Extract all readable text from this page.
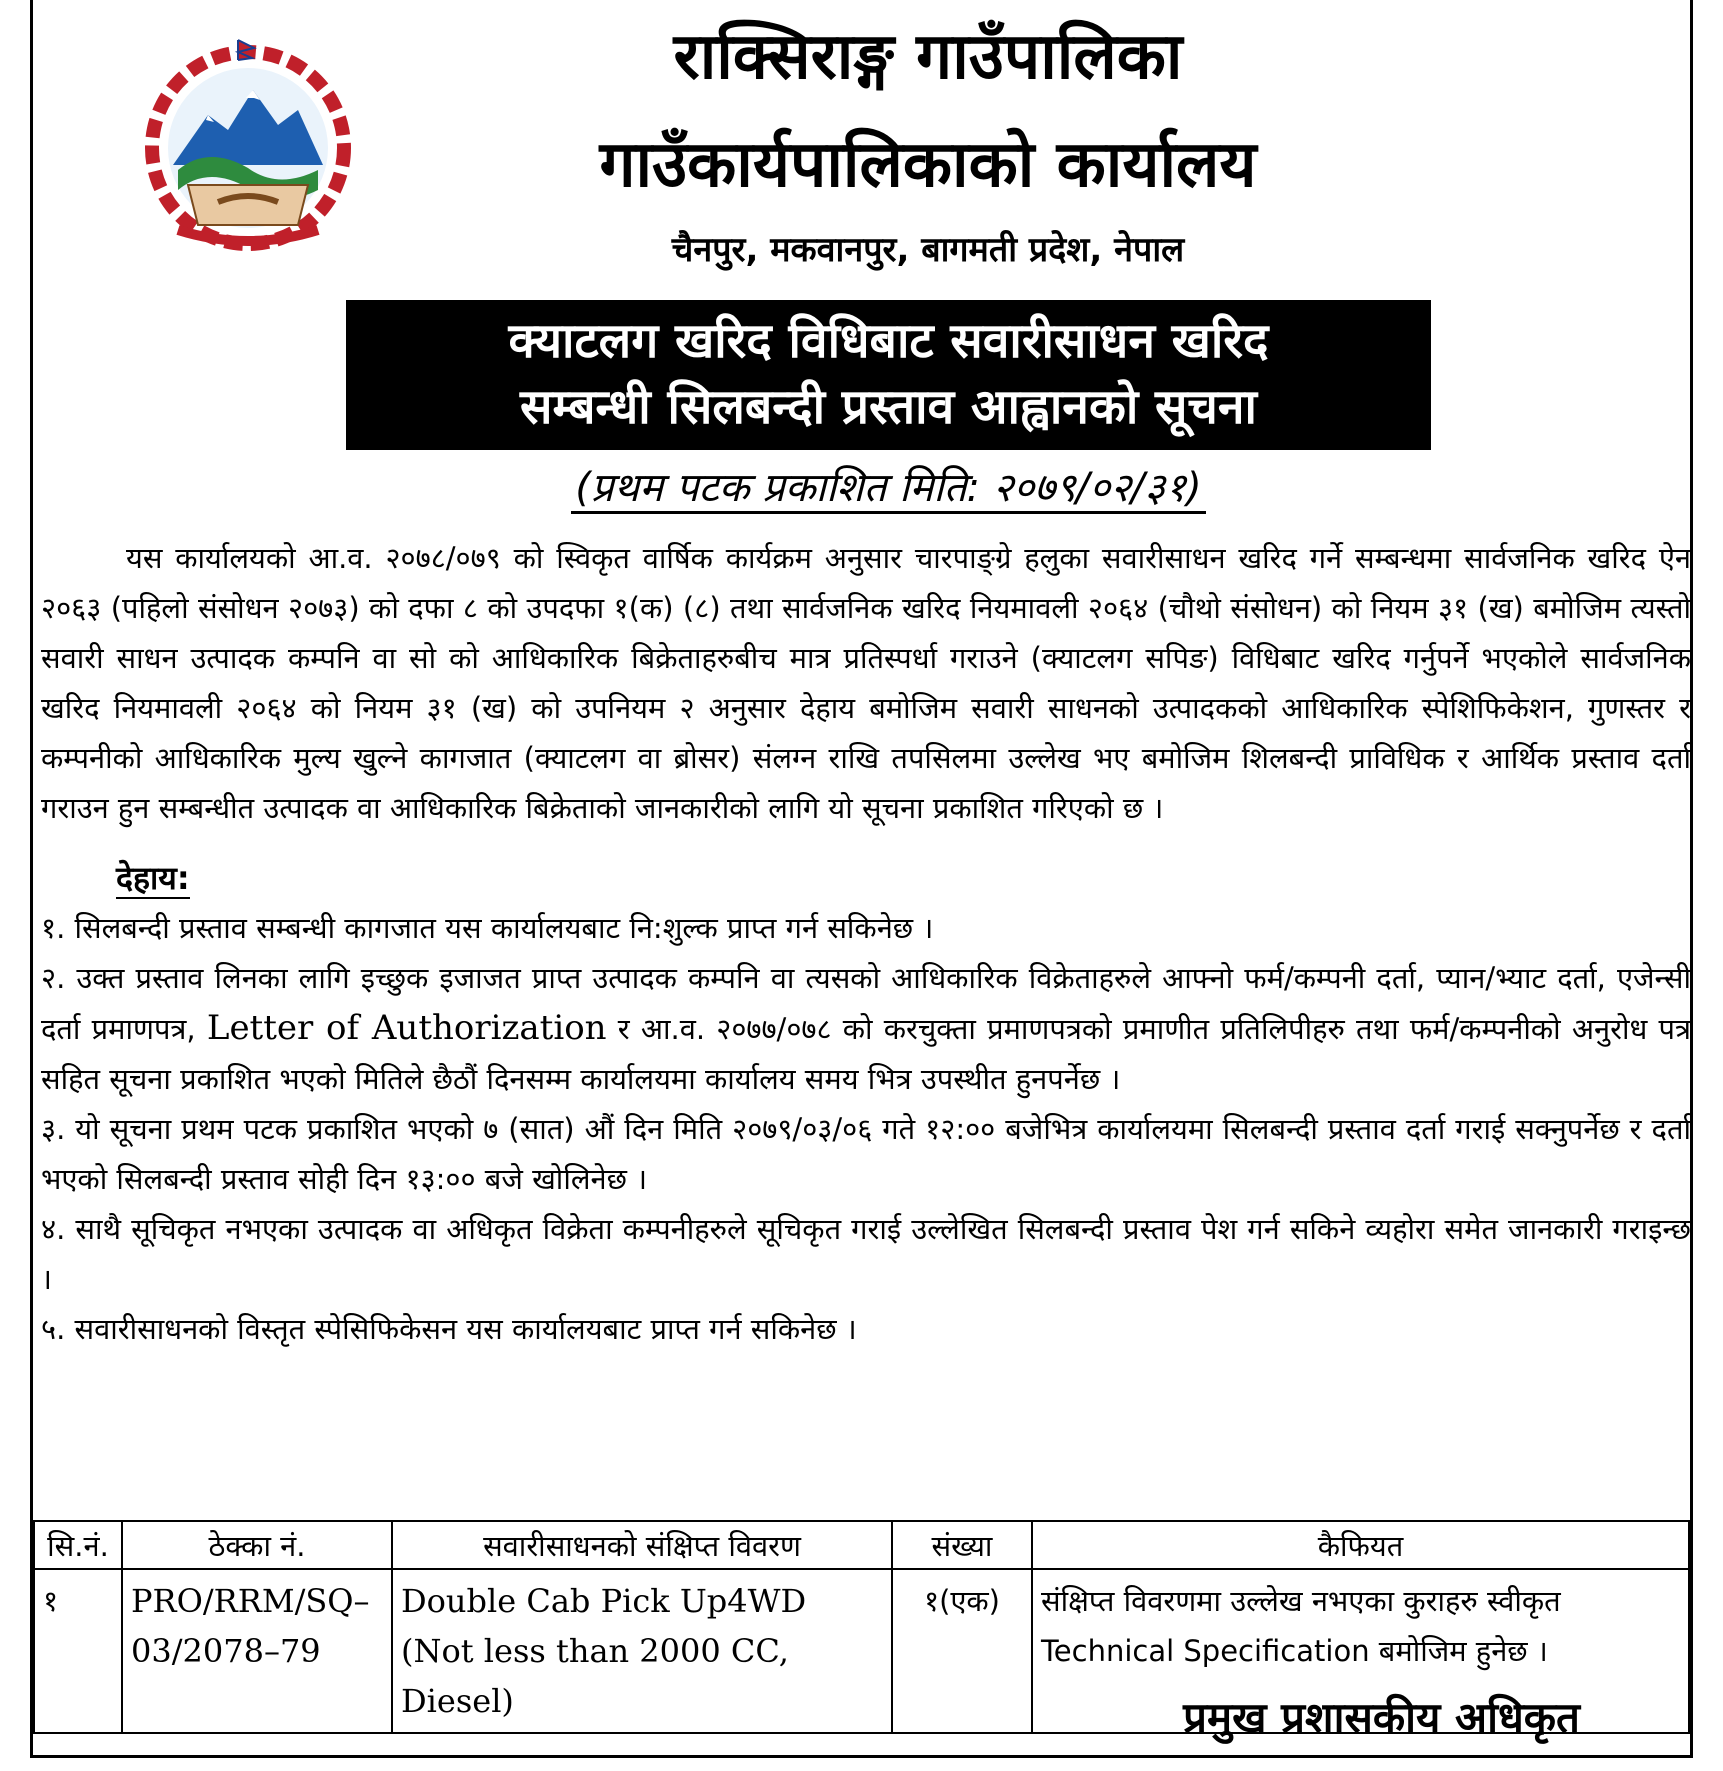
राक्सिराङ्ग गाउँपालिका
गाउँकार्यपालिकाको कार्यालय
चैनपुर, मकवानपुर, बागमती प्रदेश, नेपाल
क्याटलग खरिद विधिबाट सवारीसाधन खरिद
सम्बन्धी सिलबन्दी प्रस्ताव आह्वानको सूचना
(प्रथम पटक प्रकाशित मिति: २०७९/०२/३१)

यस कार्यालयको आ.व. २०७८/०७९ को स्विकृत वार्षिक कार्यक्रम अनुसार चारपाङ्ग्रे हलुका सवारीसाधन खरिद गर्ने सम्बन्धमा सार्वजनिक खरिद ऐन २०६३ (पहिलो संसोधन २०७३) को दफा ८ को उपदफा १(क) (८) तथा सार्वजनिक खरिद नियमावली २०६४ (चौथो संसोधन) को नियम ३१ (ख) बमोजिम त्यस्तो सवारी साधन उत्पादक कम्पनि वा सो को आधिकारिक बिक्रेताहरुबीच मात्र प्रतिस्पर्धा गराउने (क्याटलग सपिङ) विधिबाट खरिद गर्नुपर्ने भएकोले सार्वजनिक खरिद नियमावली २०६४ को नियम ३१ (ख) को उपनियम २ अनुसार देहाय बमोजिम सवारी साधनको उत्पादकको आधिकारिक स्पेशिफिकेशन, गुणस्तर र कम्पनीको आधिकारिक मुल्य खुल्ने कागजात (क्याटलग वा ब्रोसर) संलग्न राखि तपसिलमा उल्लेख भए बमोजिम शिलबन्दी प्राविधिक र आर्थिक प्रस्ताव दर्ता गराउन हुन सम्बन्धीत उत्पादक वा आधिकारिक बिक्रेताको जानकारीको लागि यो सूचना प्रकाशित गरिएको छ ।

देहाय:

१. सिलबन्दी प्रस्ताव सम्बन्धी कागजात यस कार्यालयबाट नि:शुल्क प्राप्त गर्न सकिनेछ ।

२. उक्त प्रस्ताव लिनका लागि इच्छुक इजाजत प्राप्त उत्पादक कम्पनि वा त्यसको आधिकारिक विक्रेताहरुले आफ्नो फर्म/कम्पनी दर्ता, प्यान/भ्याट दर्ता, एजेन्सी दर्ता प्रमाणपत्र, Letter of Authorization र आ.व. २०७७/०७८ को करचुक्ता प्रमाणपत्रको प्रमाणीत प्रतिलिपीहरु तथा फर्म/कम्पनीको अनुरोध पत्र सहित सूचना प्रकाशित भएको मितिले छैठौं दिनसम्म कार्यालयमा कार्यालय समय भित्र उपस्थीत हुनपर्नेछ ।

३. यो सूचना प्रथम पटक प्रकाशित भएको ७ (सात) औं दिन मिति २०७९/०३/०६ गते १२:०० बजेभित्र कार्यालयमा सिलबन्दी प्रस्ताव दर्ता गराई सक्नुपर्नेछ र दर्ता भएको सिलबन्दी प्रस्ताव सोही दिन १३:०० बजे खोलिनेछ ।

४. साथै सूचिकृत नभएका उत्पादक वा अधिकृत विक्रेता कम्पनीहरुले सूचिकृत गराई उल्लेखित सिलबन्दी प्रस्ताव पेश गर्न सकिने व्यहोरा समेत जानकारी गराइन्छ ।

५. सवारीसाधनको विस्तृत स्पेसिफिकेसन यस कार्यालयबाट प्राप्त गर्न सकिनेछ ।

सि.नं.	ठेक्का नं.	सवारीसाधनको संक्षिप्त विवरण	संख्या	कैफियत
१	PRO/RRM/SQ–03/2078–79	Double Cab Pick Up4WD (Not less than 2000 CC, Diesel)	१(एक)	संक्षिप्त विवरणमा उल्लेख नभएका कुराहरु स्वीकृत Technical Specification बमोजिम हुनेछ ।
प्रमुख प्रशासकीय अधिकृत
